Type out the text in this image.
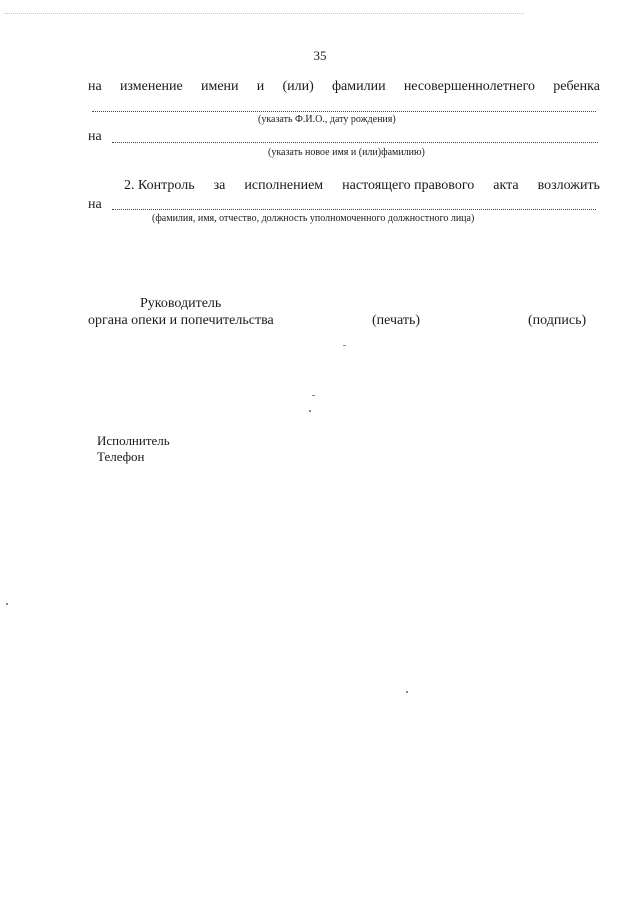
35
на изменение имени и (или) фамилии несовершеннолетнего ребенка
(указать Ф.И.О., дату рождения)
на
(указать новое имя и (или)фамилию)
2. Контроль за исполнением настоящего правового акта возложить
на
(фамилия, имя, отчество, должность уполномоченного должностного лица)
Руководитель
органа опеки и попечительства	(печать)	(подпись)
Исполнитель
Телефон
